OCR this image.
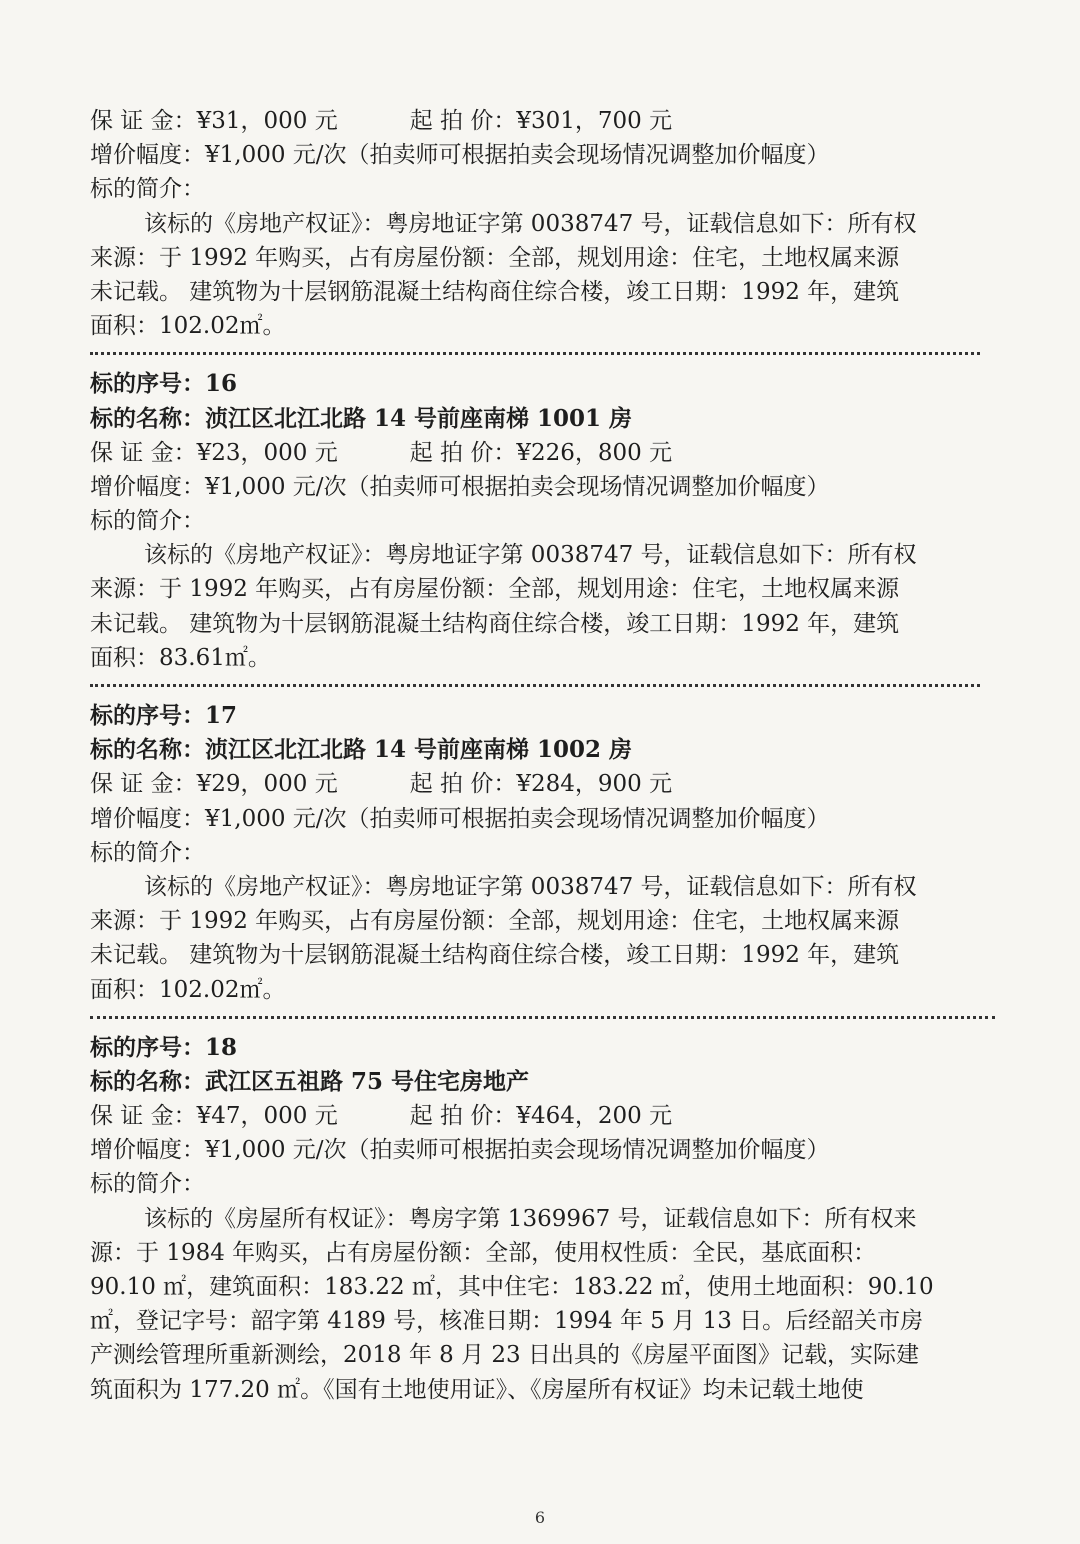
保 证 金：¥31，000 元	起 拍 价：¥301，700 元
增价幅度：¥1,000 元/次（拍卖师可根据拍卖会现场情况调整加价幅度）
标的简介：
该标的《房地产权证》：粤房地证字第 0038747 号，证载信息如下：所有权
来源：于 1992 年购买，占有房屋份额：全部，规划用途：住宅，土地权属来源
未记载。 建筑物为十层钢筋混凝土结构商住综合楼，竣工日期：1992 年，建筑
面积：102.02㎡。
标的序号：16
标的名称：浈江区北江北路 14 号前座南梯 1001 房
保 证 金：¥23，000 元	起 拍 价：¥226，800 元
增价幅度：¥1,000 元/次（拍卖师可根据拍卖会现场情况调整加价幅度）
标的简介：
该标的《房地产权证》：粤房地证字第 0038747 号，证载信息如下：所有权
来源：于 1992 年购买，占有房屋份额：全部，规划用途：住宅，土地权属来源
未记载。 建筑物为十层钢筋混凝土结构商住综合楼，竣工日期：1992 年，建筑
面积：83.61㎡。
标的序号：17
标的名称：浈江区北江北路 14 号前座南梯 1002 房
保 证 金：¥29，000 元	起 拍 价：¥284，900 元
增价幅度：¥1,000 元/次（拍卖师可根据拍卖会现场情况调整加价幅度）
标的简介：
该标的《房地产权证》：粤房地证字第 0038747 号，证载信息如下：所有权
来源：于 1992 年购买，占有房屋份额：全部，规划用途：住宅，土地权属来源
未记载。 建筑物为十层钢筋混凝土结构商住综合楼，竣工日期：1992 年，建筑
面积：102.02㎡。
标的序号：18
标的名称：武江区五祖路 75 号住宅房地产
保 证 金：¥47，000 元	起 拍 价：¥464，200 元
增价幅度：¥1,000 元/次（拍卖师可根据拍卖会现场情况调整加价幅度）
标的简介：
该标的《房屋所有权证》：粤房字第 1369967 号，证载信息如下：所有权来
源：于 1984 年购买，占有房屋份额：全部，使用权性质：全民，基底面积：
90.10 ㎡，建筑面积：183.22 ㎡，其中住宅：183.22 ㎡，使用土地面积：90.10
㎡，登记字号：韶字第 4189 号，核准日期：1994 年 5 月 13 日。后经韶关市房
产测绘管理所重新测绘，2018 年 8 月 23 日出具的《房屋平面图》记载，实际建
筑面积为 177.20 ㎡。《国有土地使用证》、《房屋所有权证》均未记载土地使
6
